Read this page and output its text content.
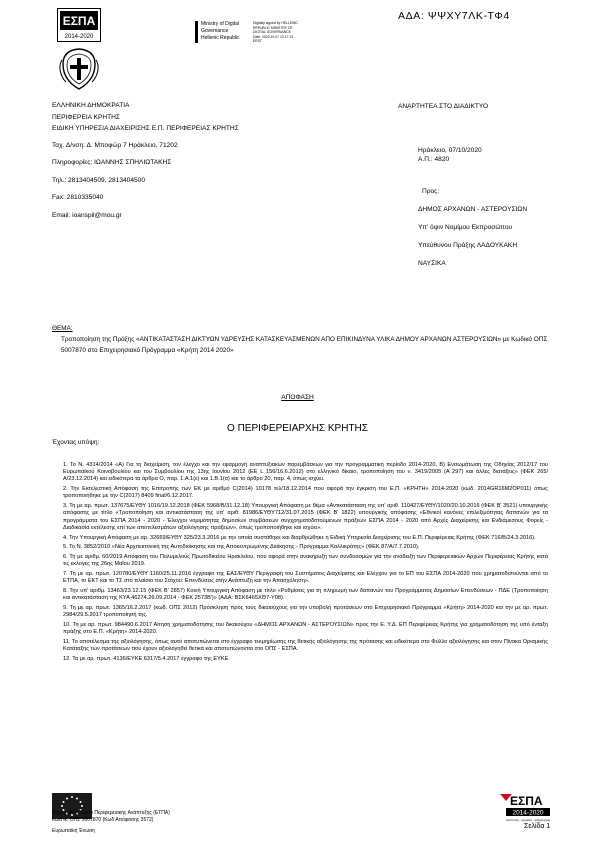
ΑΔΑ: ΨΨΧΥ7ΛΚ-ΤΦ4
ΕΣΠΑ
2014-2020
Ministry of Digital
Governance
Hellenic Republic
Digitally signed by HELLENIC
REPUBLIC MINISTRY OF
DIGITAL GOVERNANCE
Date: 2020.10.07 12:17:13
EEST
ΕΛΛΗΝΙΚΗ ΔΗΜΟΚΡΑΤΙΑ
ΠΕΡΙΦΕΡΕΙΑ ΚΡΗΤΗΣ
ΕΙΔΙΚΗ ΥΠΗΡΕΣΙΑ ΔΙΑΧΕΙΡΙΣΗΣ Ε.Π. ΠΕΡΙΦΕΡΕΙΑΣ ΚΡΗΤΗΣ
Ταχ. Δ/νση: Δ. Μποφώρ 7 Ηράκλειο, 71202
Πληροφορίες: ΙΩΑΝΝΗΣ ΣΠΗΛΙΩΤΑΚΗΣ
Τηλ.: 2813404509, 2813404500
Fax: 2810335040
Email: ioanspil@mou.gr
ΑΝΑΡΤΗΤΕΑ ΣΤΟ ΔΙΑΔΙΚΤΥΟ
Ηράκλειο, 07/10/2020
Α.Π.: 4820
Προς:
ΔΗΜΟΣ ΑΡΧΑΝΩΝ - ΑΣΤΕΡΟΥΣΙΩΝ
Υπ' όψιν Νομίμου Εκπροσώπου
Υπεύθυνου Πράξης ΛΑΔΟΥΚΑΚΗ
ΝΑΥΣΙΚΑ
ΘΕΜΑ:
Τροποποίηση της Πράξης «ΑΝΤΙΚΑΤΑΣΤΑΣΗ ΔΙΚΤΥΩΝ ΥΔΡΕΥΣΗΣ ΚΑΤΑΣΚΕΥΑΣΜΕΝΩΝ ΑΠΟ ΕΠΙΚΙΝΔΥΝΑ ΥΛΙΚΑ ΔΗΜΟΥ ΑΡΧΑΝΩΝ ΑΣΤΕΡΟΥΣΙΩΝ» με Κωδικό ΟΠΣ 5007870 στο Επιχειρησιακό Πρόγραμμα «Κρήτη 2014 2020»
ΑΠΟΦΑΣΗ
Ο ΠΕΡΙΦΕΡΕΙΑΡΧΗΣ ΚΡΗΤΗΣ
Έχοντας υπόψη:

1. Το Ν. 4314/2014 «Α) Για τη διαχείριση, τον έλεγχο και την εφαρμογή αναπτυξιακών παρεμβάσεων για την προγραμματική περίοδο 2014-2020, Β) Ενσωμάτωση της Οδηγίας 2012/17 του Ευρωπαϊκού Κοινοβουλίου και του Συμβουλίου της 13ης Ιουνίου 2012 (ΕΕ L 156/16.6.2012) στο ελληνικό δίκαιο, τροποποίηση του ν. 3419/2005 (Α 297) και άλλες διατάξεις» (ΦΕΚ 265/Α/23.12.2014) και ειδικότερα τα άρθρα Ο, παρ. 1.Α.1(ε) και 1.Β.1(α) και το άρθρο 20, παρ. 4, όπως ισχύει.

2. Την Εκτελεστική Απόφαση της Επιτροπής των ΕΚ με αριθμό C(2014) 10178 τελ/18.12.2014 που αφορά την έγκριση του Ε.Π. «ΚΡΗΤΗ» 2014-2020 (κωδ. 2014GR16M2OP011) όπως τροποποιήθηκε με την C(2017) 8409 final/6.12.2017.

3. Τη με αρ. πρωτ. 137675/ΕΥΘΥ 1016/19.12.2018 (ΦΕΚ 5968/Β/31.12.18) Υπουργική Απόφαση με θέμα «Αντικατάσταση της υπ' αριθ. 110427/ΕΥΘΥ/1020/20.10.2016 (ΦΕΚ Β' 3521) υπουργικής απόφασης με τίτλο «Τροποποίηση και αντικατάσταση της υπ' αριθ. 81986/ΕΥΘΥ712/31.07.2015 (ΦΕΚ Β' 1822) υπουργικής απόφασης «Εθνικοί κανόνες επιλεξιμότητας δαπανών για τα προγράμματα του ΕΣΠΑ 2014 - 2020 - Έλεγχοι νομιμότητας δημοσίων συμβάσεων συγχρηματοδοτούμενων πράξεων ΕΣΠΑ 2014 - 2020 από Αρχές Διαχείρισης και Ενδιάμεσους Φορείς - Διαδικασία εκτέλεσης επί των αποτελεσμάτων αξιολόγησης πράξεων», όπως τροποποιήθηκε και ισχύει».

4. Την Υπουργική Απόφαση με αρ. 32669/ΕΥΘΥ 325/23.3.2016 με την οποία συστάθηκε και διαρθρώθηκε η Ειδική Υπηρεσία Διαχείρισης του Ε.Π. Περιφέρειας Κρήτης (ΦΕΚ 716/Β/24.3.2016).

5. Το Ν. 3852/2010 «Νέα Αρχιτεκτονική της Αυτοδιοίκησης και της Αποκεντρωμένης Διοίκησης - Πρόγραμμα Καλλικράτης» (ΦΕΚ 87/Α/7.7.2010).

6. Τη με αριθμ. 60/2019 Απόφαση του Πολυμελούς Πρωτοδικείου Ηρακλείου, που αφορά στην ανακήρυξη των συνδυασμών για την ανάδειξη των Περιφερειακών Αρχών Περιφέρειας Κρήτης κατά τις εκλογές της 26ης Μαΐου 2019.

7. Τη με αρ. πρωτ. 120780/ΕΥΘΥ 1160/25.11.2016 έγγραφο της ΕΑΣ/ΕΥΘΥ Περιγραφή του Συστήματος Διαχείρισης και Ελέγχου για το ΕΠ του ΕΣΠΑ 2014-2020 που χρηματοδοτούνται από το ΕΤΠΑ, το ΕΚΤ και το ΤΣ στο πλαίσιο του Στόχου: Επενδύσεις στην Ανάπτυξη και την Απασχόληση».

8. Την υπ' αριθμ. 13463/23.12.15 (ΦΕΚ Β' 2857) Κοινή Υπουργική Απόφαση με τίτλο «Ρυθμίσεις για τη πληρωμή των δαπανών του Προγράμματος Δημοσίων Επενδύσεων - ΠΔΕ (Τροποποίηση και αντικατάσταση της ΚΥΑ 46274.26.09.2014 - ΦΕΚ 2573Β')» (ΑΔΑ: ΒΣΚ6465ΧΘ7-Υ08).

9. Τη με αρ. πρωτ. 1365/16.2.2017 (κωδ. ΟΠΣ 2012) Πρόσκληση προς τους δικαιούχους για την υποβολή προτάσεων στο Επιχειρησιακό Πρόγραμμα «Κρήτη» 2014-2020 και την με αρ. πρωτ. 2984/29.5.2017 τροποποίησή της.

10. Τη με αρ. πρωτ. 984490.6.2017 Αίτηση χρηματοδότησης του δικαιούχου «ΔΗΜΟΣ ΑΡΧΑΝΩΝ - ΑΣΤΕΡΟΥΣΙΩΝ» προς την Ε. Υ.Δ. ΕΠ Περιφέρειας Κρήτης για χρηματοδότηση της υπό ένταξη πράξης στο Ε.Π. «Κρήτη» 2014-2020.

11. Το αποτέλεσμα της αξιολόγησης, όπως αυτό αποτυπώνεται στο έγγραφο τεκμηρίωσης της θετικής αξιολόγησης της πρότασης και ειδικότερα στο Φύλλο αξιολόγησης και στον Πίνακα Ορισμικής Κατάταξης των προτάσεων που έχουν αξιολογηθεί θετικά και αποτυπώνονται στο ΟΠΣ - ΕΣΠΑ.

12. Τα με αρ. πρωτ. 4136/ΕΥΚΕ 6317/5.4.2017 έγγραφο της ΕΥΚΕ.

Ευρωπαϊκή Ένωση
Ευρωπαϊκό Ταμείο Περιφερειακής Ανάπτυξης (ΕΤΠΑ)
Κωδ ικ. ΟΠΣ 5007870 (Κωδ Απόφασης 3572)
ΕΣΠΑ
2014-2020
ανάπτυξη - εργασία - αλληλεγγύη
Σελίδα 1
